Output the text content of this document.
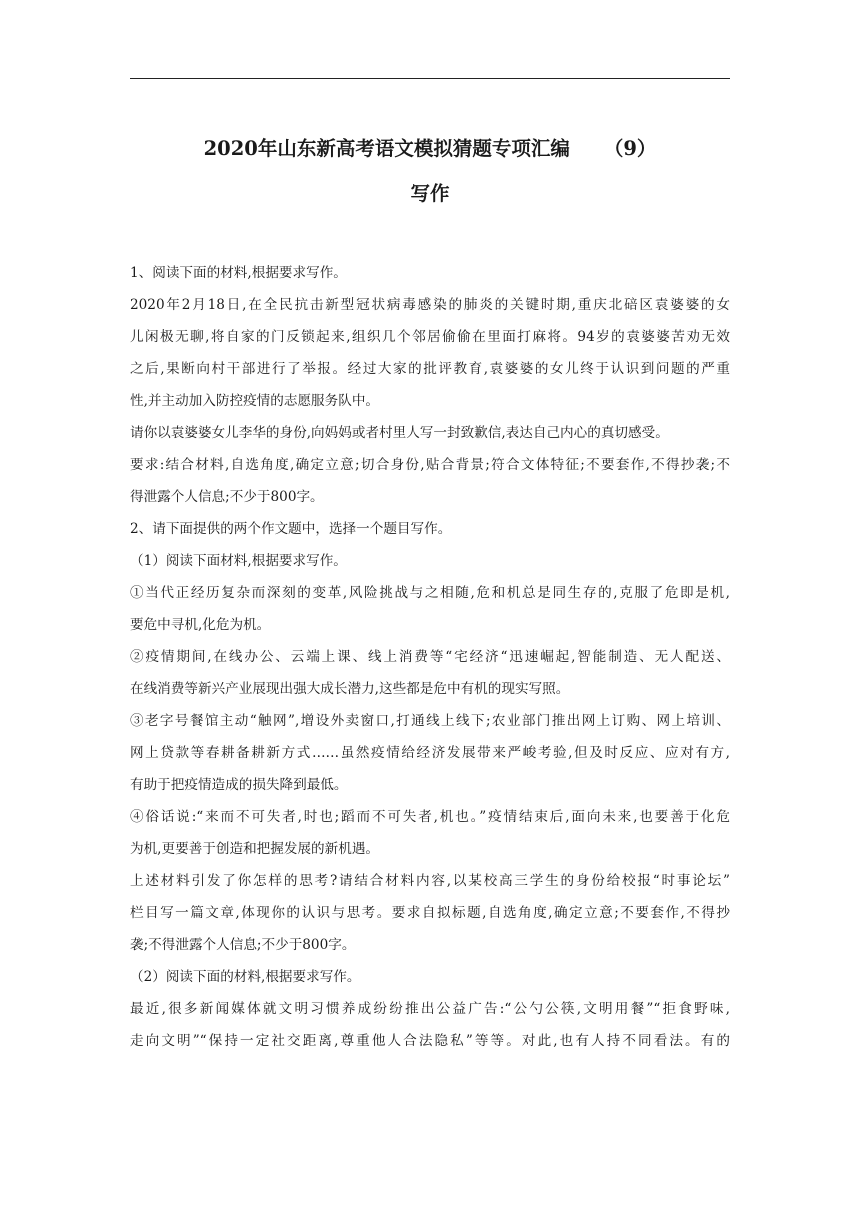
2020年山东新高考语文模拟猜题专项汇编 （9）
写作
1、阅读下面的材料,根据要求写作。
2020年2月18日,在全民抗击新型冠状病毒感染的肺炎的关键时期,重庆北碚区袁婆婆的女
儿闲极无聊,将自家的门反锁起来,组织几个邻居偷偷在里面打麻将。94岁的袁婆婆苦劝无效
之后,果断向村干部进行了举报。经过大家的批评教育,袁婆婆的女儿终于认识到问题的严重
性,并主动加入防控疫情的志愿服务队中。
请你以袁婆婆女儿李华的身份,向妈妈或者村里人写一封致歉信,表达自己内心的真切感受。
要求:结合材料,自选角度,确定立意;切合身份,贴合背景;符合文体特征;不要套作,不得抄袭;不
得泄露个人信息;不少于800字。
2、请下面提供的两个作文题中，选择一个题目写作。
（1）阅读下面材料,根据要求写作。
①当代正经历复杂而深刻的变革,风险挑战与之相随,危和机总是同生存的,克服了危即是机,
要危中寻机,化危为机。
②疫情期间,在线办公、云端上课、线上消费等“宅经济“迅速崛起,智能制造、无人配送、
在线消费等新兴产业展现出强大成长潜力,这些都是危中有机的现实写照。
③老字号餐馆主动“触网”,增设外卖窗口,打通线上线下;农业部门推出网上订购、网上培训、
网上贷款等春耕备耕新方式……虽然疫情给经济发展带来严峻考验,但及时反应、应对有方,
有助于把疫情造成的损失降到最低。
④俗话说:“来而不可失者,时也;蹈而不可失者,机也。”疫情结束后,面向未来,也要善于化危
为机,更要善于创造和把握发展的新机遇。
上述材料引发了你怎样的思考?请结合材料内容,以某校高三学生的身份给校报“时事论坛”
栏目写一篇文章,体现你的认识与思考。要求自拟标题,自选角度,确定立意;不要套作,不得抄
袭;不得泄露个人信息;不少于800字。
（2）阅读下面的材料,根据要求写作。
最近,很多新闻媒体就文明习惯养成纷纷推出公益广告:“公勺公筷,文明用餐”“拒食野味,
走向文明”“保持一定社交距离,尊重他人合法隐私”等等。对此,也有人持不同看法。有的
